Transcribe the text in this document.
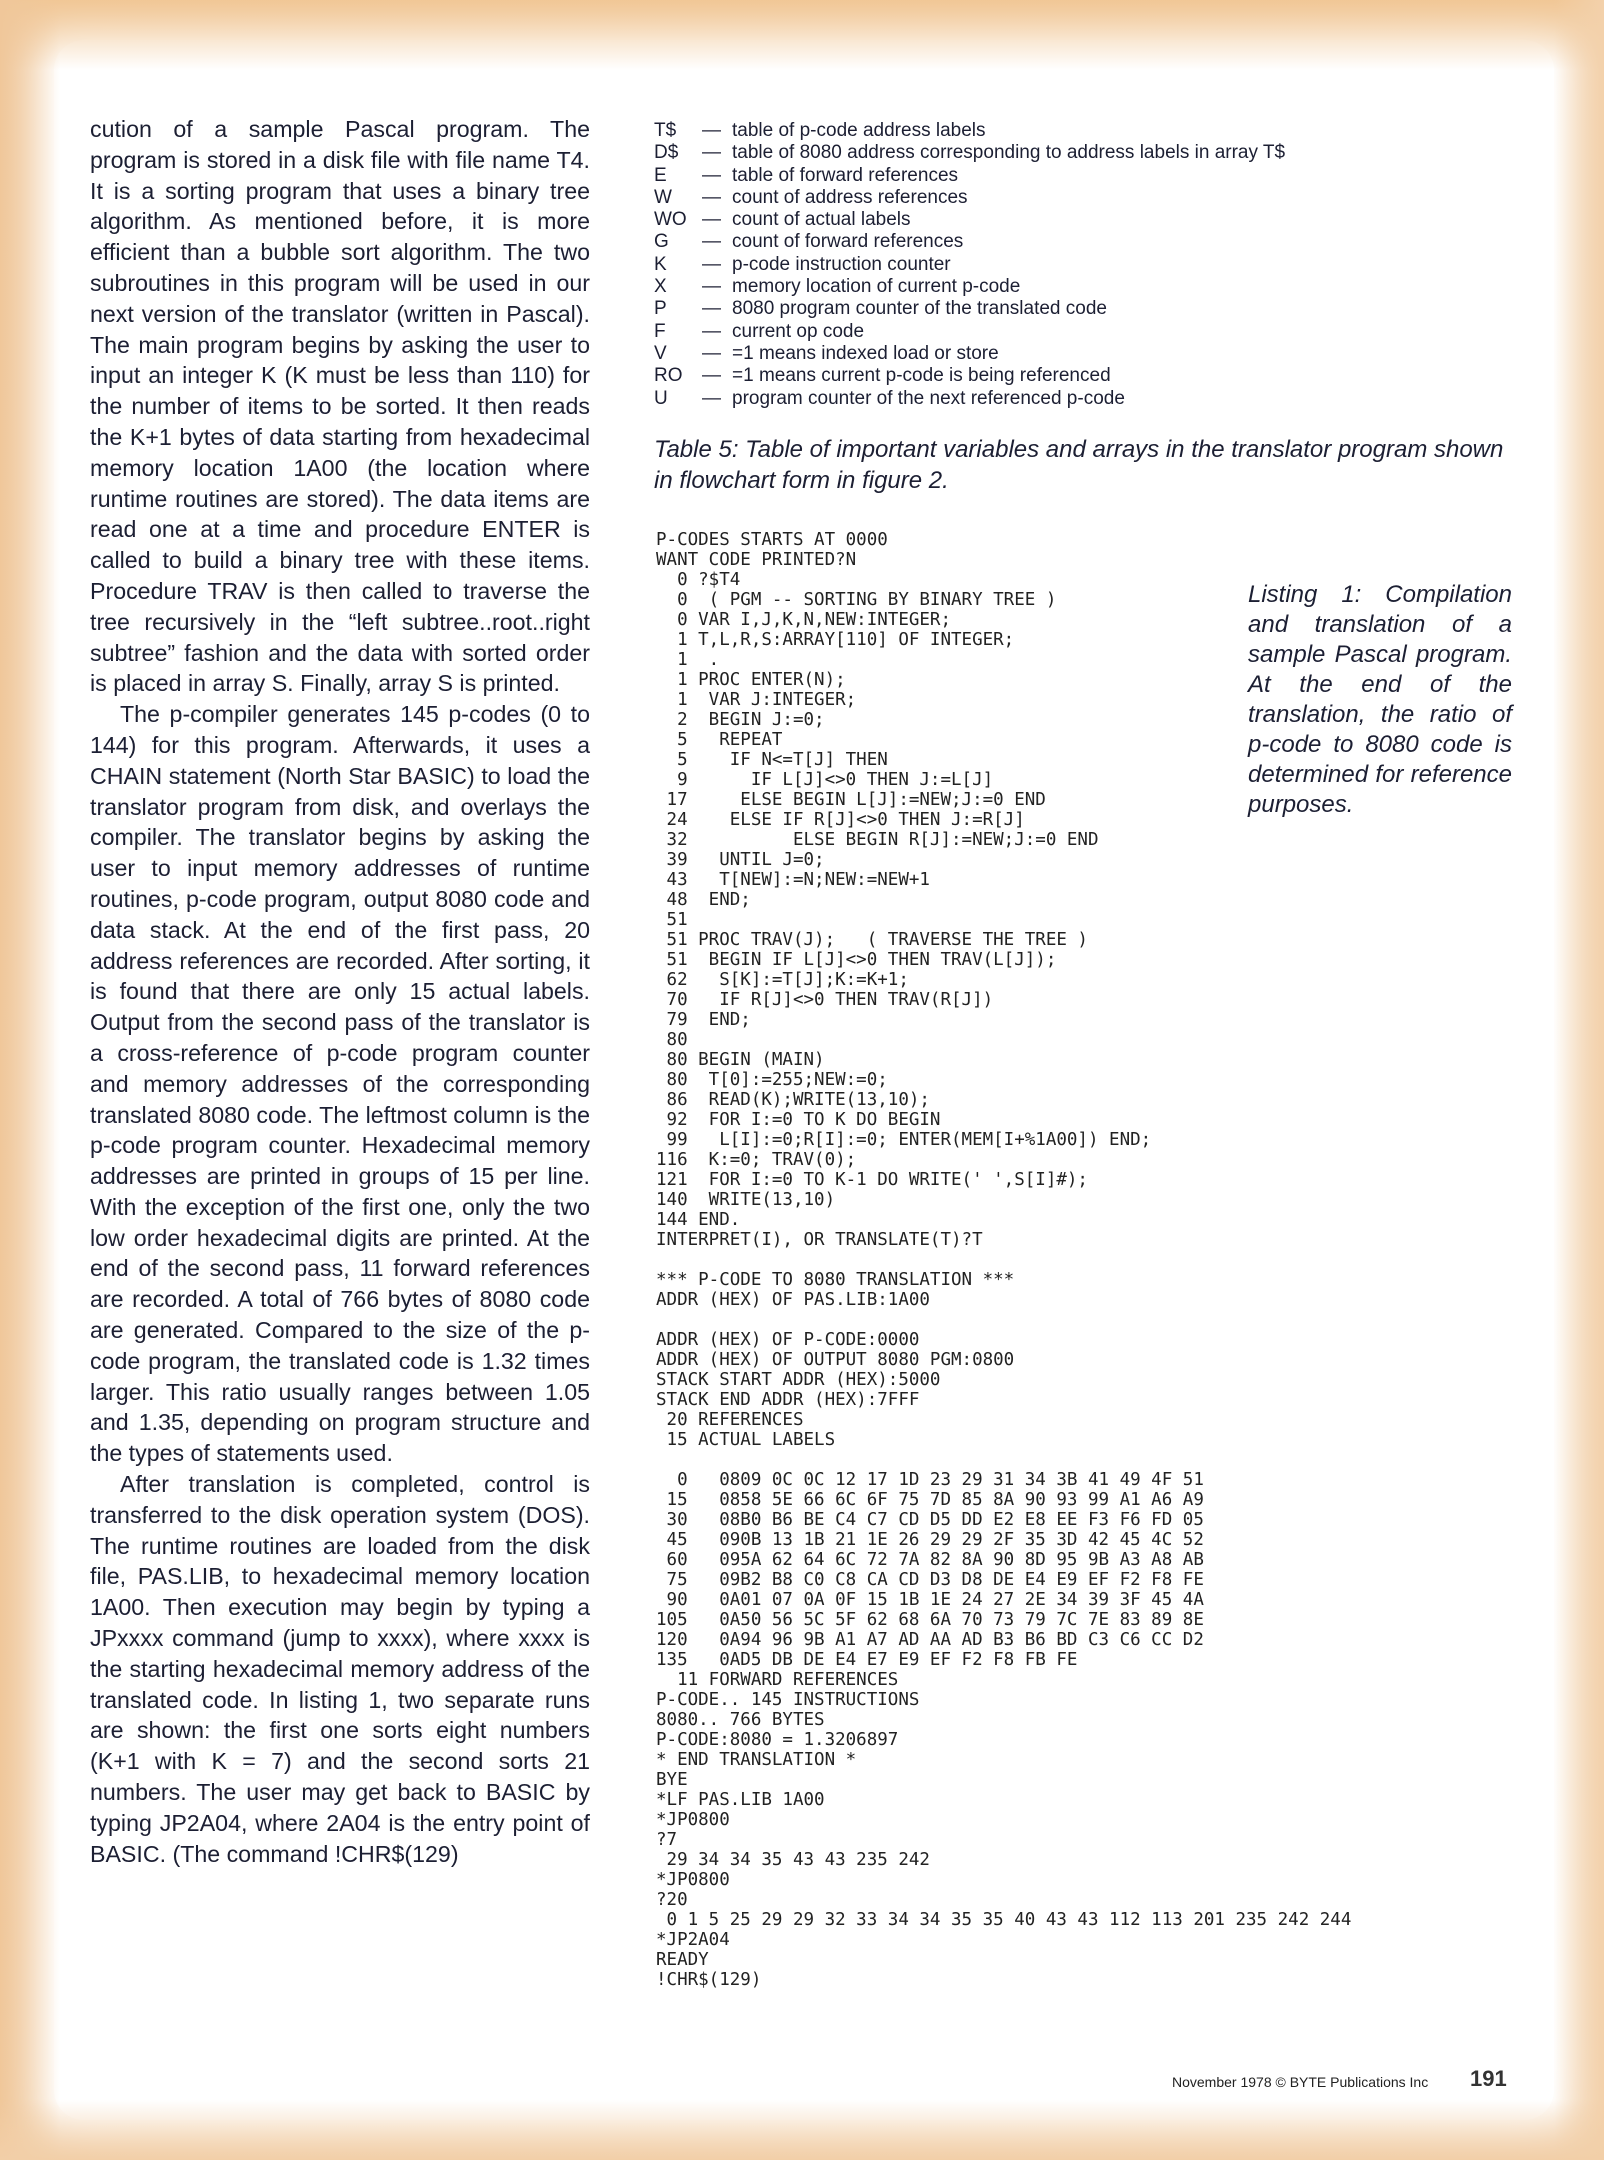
cution of a sample Pascal program. The program is stored in a disk file with file name T4. It is a sorting program that uses a binary tree algorithm. As mentioned before, it is more efficient than a bubble sort algorithm. The two subroutines in this program will be used in our next version of the translator (written in Pascal). The main program begins by asking the user to input an integer K (K must be less than 110) for the number of items to be sorted. It then reads the K+1 bytes of data starting from hexadecimal memory location 1A00 (the location where runtime routines are stored). The data items are read one at a time and procedure ENTER is called to build a binary tree with these items. Procedure TRAV is then called to traverse the tree recursively in the “left subtree..root..right subtree” fashion and the data with sorted order is placed in array S. Finally, array S is printed.

The p-compiler generates 145 p-codes (0 to 144) for this program. Afterwards, it uses a CHAIN statement (North Star BASIC) to load the translator program from disk, and overlays the compiler. The translator begins by asking the user to input memory addresses of runtime routines, p-code program, output 8080 code and data stack. At the end of the first pass, 20 address references are recorded. After sorting, it is found that there are only 15 actual labels. Output from the second pass of the translator is a cross-reference of p-code program counter and memory addresses of the corresponding translated 8080 code. The leftmost column is the p-code program counter. Hexadecimal memory addresses are printed in groups of 15 per line. With the exception of the first one, only the two low order hexadecimal digits are printed. At the end of the second pass, 11 forward references are recorded. A total of 766 bytes of 8080 code are generated. Compared to the size of the p-code program, the translated code is 1.32 times larger. This ratio usually ranges between 1.05 and 1.35, depending on program structure and the types of statements used.

After translation is completed, control is transferred to the disk operation system (DOS). The runtime routines are loaded from the disk file, PAS.LIB, to hexadecimal memory location 1A00. Then execution may begin by typing a JPxxxx command (jump to xxxx), where xxxx is the starting hexadecimal memory address of the translated code. In listing 1, two separate runs are shown: the first one sorts eight numbers (K+1 with K = 7) and the second sorts 21 numbers. The user may get back to BASIC by typing JP2A04, where 2A04 is the entry point of BASIC. (The command !CHR$(129)

T$	— table of p-code address labels
D$	— table of 8080 address corresponding to address labels in array T$
E	— table of forward references
W	— count of address references
WO — count of actual labels
G	— count of forward references
K	— p-code instruction counter
X	— memory location of current p-code
P	— 8080 program counter of the translated code
F	— current op code
V	— =1 means indexed load or store
RO	— =1 means current p-code is being referenced
U	— program counter of the next referenced p-code
Table 5: Table of important variables and arrays in the translator program shown in flowchart form in figure 2.
P-CODES STARTS AT 0000
WANT CODE PRINTED?N
0 ?$T4
0  ( PGM -- SORTING BY BINARY TREE )
0 VAR I,J,K,N,NEW:INTEGER;
1 T,L,R,S:ARRAY[110] OF INTEGER;
1  .
1 PROC ENTER(N);
1  VAR J:INTEGER;
2  BEGIN J:=0;
5   REPEAT
5    IF N<=T[J] THEN
9      IF L[J]<>0 THEN J:=L[J]
17     ELSE BEGIN L[J]:=NEW;J:=0 END
24    ELSE IF R[J]<>0 THEN J:=R[J]
32          ELSE BEGIN R[J]:=NEW;J:=0 END
39   UNTIL J=0;
43   T[NEW]:=N;NEW:=NEW+1
48  END;
51
51 PROC TRAV(J);   ( TRAVERSE THE TREE )
51  BEGIN IF L[J]<>0 THEN TRAV(L[J]);
62   S[K]:=T[J];K:=K+1;
70   IF R[J]<>0 THEN TRAV(R[J])
79  END;
80
80 BEGIN (MAIN)
80  T[0]:=255;NEW:=0;
86  READ(K);WRITE(13,10);
92  FOR I:=0 TO K DO BEGIN
99   L[I]:=0;R[I]:=0; ENTER(MEM[I+%1A00]) END;
116  K:=0; TRAV(0);
121  FOR I:=0 TO K-1 DO WRITE(' ',S[I]#);
140  WRITE(13,10)
144 END.
INTERPRET(I), OR TRANSLATE(T)?T

*** P-CODE TO 8080 TRANSLATION ***
ADDR (HEX) OF PAS.LIB:1A00

ADDR (HEX) OF P-CODE:0000
ADDR (HEX) OF OUTPUT 8080 PGM:0800
STACK START ADDR (HEX):5000
STACK END ADDR (HEX):7FFF
20 REFERENCES
15 ACTUAL LABELS

0   0809 0C 0C 12 17 1D 23 29 31 34 3B 41 49 4F 51
15   0858 5E 66 6C 6F 75 7D 85 8A 90 93 99 A1 A6 A9
30   08B0 B6 BE C4 C7 CD D5 DD E2 E8 EE F3 F6 FD 05
45   090B 13 1B 21 1E 26 29 29 2F 35 3D 42 45 4C 52
60   095A 62 64 6C 72 7A 82 8A 90 8D 95 9B A3 A8 AB
75   09B2 B8 C0 C8 CA CD D3 D8 DE E4 E9 EF F2 F8 FE
90   0A01 07 0A 0F 15 1B 1E 24 27 2E 34 39 3F 45 4A
105   0A50 56 5C 5F 62 68 6A 70 73 79 7C 7E 83 89 8E
120   0A94 96 9B A1 A7 AD AA AD B3 B6 BD C3 C6 CC D2
135   0AD5 DB DE E4 E7 E9 EF F2 F8 FB FE
11 FORWARD REFERENCES
P-CODE.. 145 INSTRUCTIONS
8080.. 766 BYTES
P-CODE:8080 = 1.3206897
* END TRANSLATION *
BYE
*LF PAS.LIB 1A00
*JP0800
?7
29 34 34 35 43 43 235 242
*JP0800
?20
0 1 5 25 29 29 32 33 34 34 35 35 40 43 43 112 113 201 235 242 244
*JP2A04
READY
!CHR$(129)
Listing 1: Compilation and translation of a sample Pascal program. At the end of the translation, the ratio of p-code to 8080 code is determined for reference purposes.
November 1978 © BYTE Publications Inc 191
